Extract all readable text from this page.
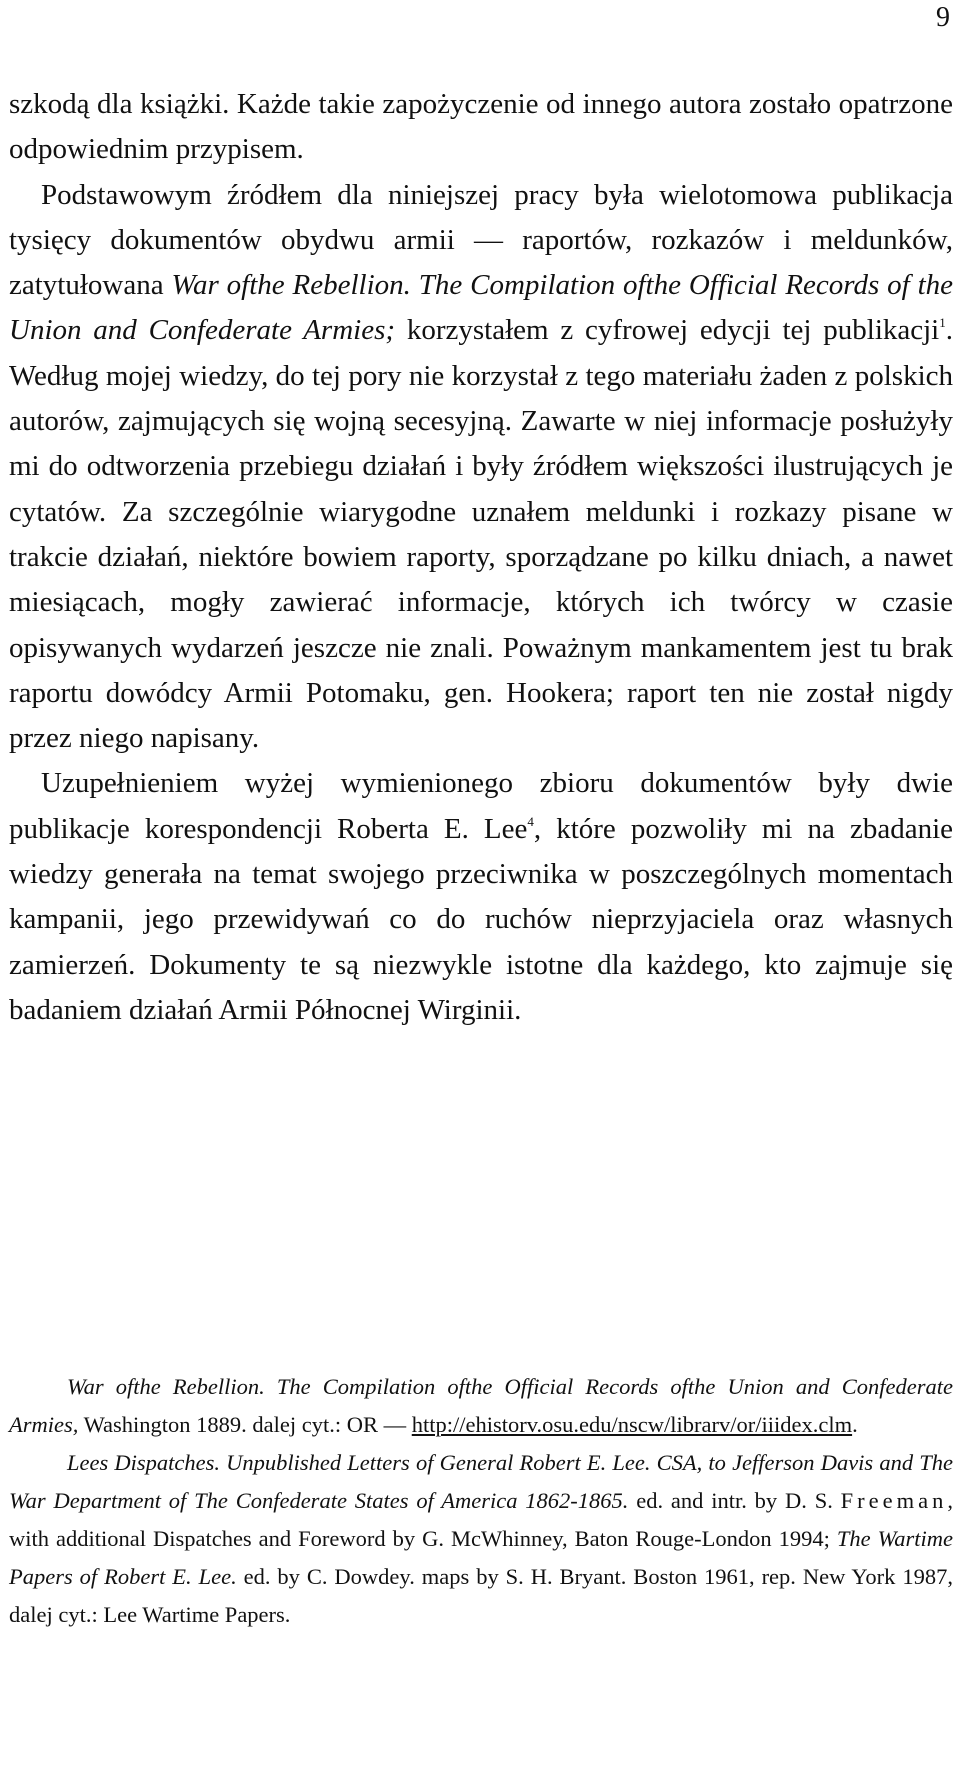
9

szkodą dla książki. Każde takie zapożyczenie od innego autora zostało opatrzone odpowiednim przypisem.

Podstawowym źródłem dla niniejszej pracy była wielotomowa publikacja tysięcy dokumentów obydwu armii — raportów, rozkazów i meldunków, zatytułowana War ofthe Rebellion. The Compilation ofthe Official Records of the Union and Confederate Armies; korzystałem z cyfrowej edycji tej publikacji$^1$. Według mojej wiedzy, do tej pory nie korzystał z tego materiału żaden z polskich autorów, zajmujących się wojną secesyjną. Zawarte w niej informacje posłużyły mi do odtworzenia przebiegu działań i były źródłem większości ilustrujących je cytatów. Za szczególnie wiarygodne uznałem meldunki i rozkazy pisane w trakcie działań, niektóre bowiem raporty, sporządzane po kilku dniach, a nawet miesiącach, mogły zawierać informacje, których ich twórcy w czasie opisywanych wydarzeń jeszcze nie znali. Poważnym mankamentem jest tu brak raportu dowódcy Armii Potomaku, gen. Hookera; raport ten nie został nigdy przez niego napisany.

Uzupełnieniem wyżej wymienionego zbioru dokumentów były dwie publikacje korespondencji Roberta E. Lee$^4$, które pozwoliły mi na zbadanie wiedzy generała na temat swojego przeciwnika w poszczególnych momentach kampanii, jego przewidywań co do ruchów nieprzyjaciela oraz własnych zamierzeń. Dokumenty te są niezwykle istotne dla każdego, kto zajmuje się badaniem działań Armii Północnej Wirginii.

War ofthe Rebellion. The Compilation ofthe Official Records ofthe Union and Confederate Armies, Washington 1889. dalej cyt.: OR — http://ehistorv.osu.edu/nscw/librarv/or/iiidex.clm.

Lees Dispatches. Unpublished Letters of General Robert E. Lee. CSA, to Jefferson Davis and The War Department of The Confederate States of America 1862-1865. ed. and intr. by D. S. Freeman, with additional Dispatches and Foreword by G. McWhinney, Baton Rouge-London 1994; The Wartime Papers of Robert E. Lee. ed. by C. Dowdey. maps by S. H. Bryant. Boston 1961, rep. New York 1987, dalej cyt.: Lee Wartime Papers.
